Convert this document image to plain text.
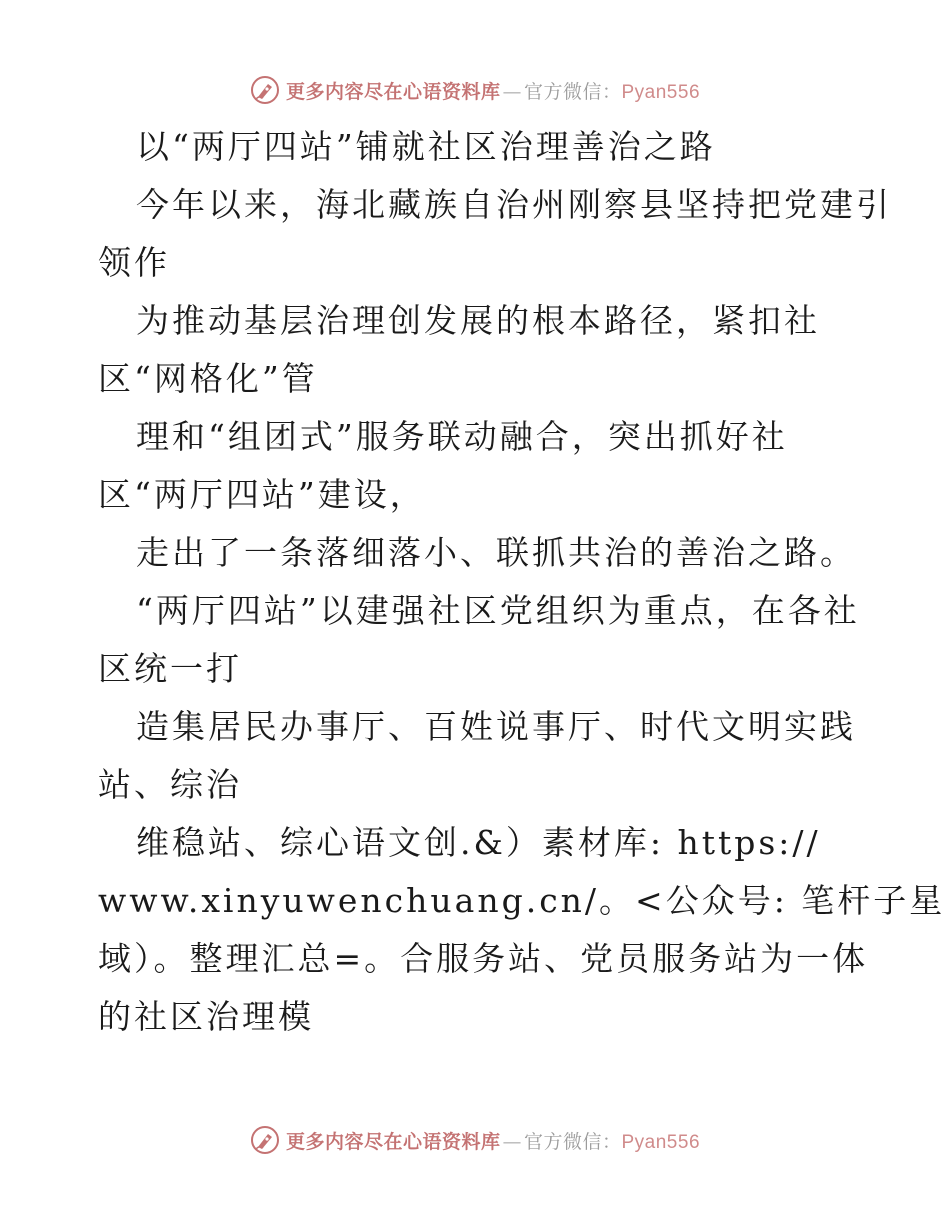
更多内容尽在心语资料库 — 官方微信：Pyan556
以“两厅四站”铺就社区治理善治之路
今年以来，海北藏族自治州刚察县坚持把党建引
领作
为推动基层治理创发展的根本路径，紧扣社
区“网格化”管
理和“组团式”服务联动融合，突出抓好社
区“两厅四站”建设，
走出了一条落细落小、联抓共治的善治之路。
“两厅四站”以建强社区党组织为重点，在各社
区统一打
造集居民办事厅、百姓说事厅、时代文明实践
站、综治
维稳站、综心语文创.&）素材库: https://
www.xinyuwenchuang.cn/。<公众号: 笔杆子星
域）。整理汇总=。合服务站、党员服务站为一体
的社区治理模
更多内容尽在心语资料库 — 官方微信：Pyan556
